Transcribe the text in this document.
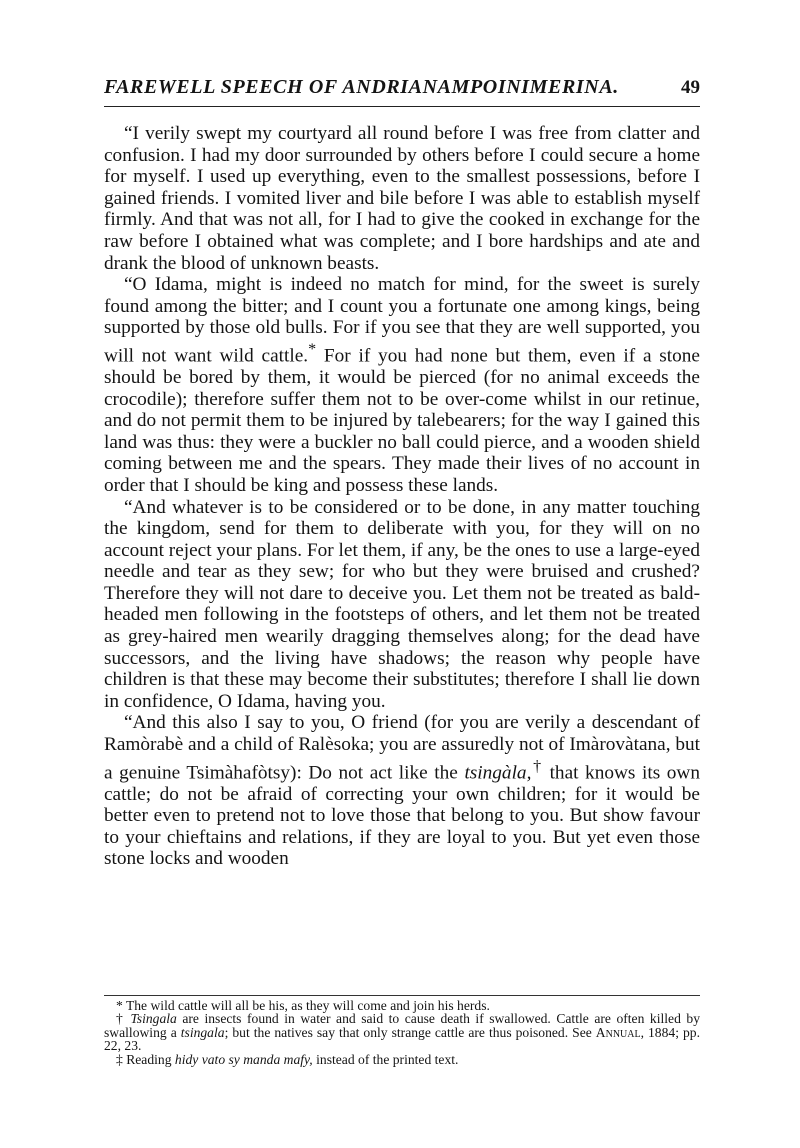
FAREWELL SPEECH OF ANDRIANAMPOINIMERINA.	49

“I verily swept my courtyard all round before I was free from clatter and confusion. I had my door surrounded by others before I could secure a home for myself. I used up everything, even to the smallest possessions, before I gained friends. I vomited liver and bile before I was able to establish myself firmly. And that was not all, for I had to give the cooked in exchange for the raw before I obtained what was complete; and I bore hardships and ate and drank the blood of unknown beasts.

“O Idama, might is indeed no match for mind, for the sweet is surely found among the bitter; and I count you a fortunate one among kings, being supported by those old bulls. For if you see that they are well supported, you will not want wild cattle.* For if you had none but them, even if a stone should be bored by them, it would be pierced (for no animal exceeds the crocodile); therefore suffer them not to be over-come whilst in our retinue, and do not permit them to be injured by talebearers; for the way I gained this land was thus: they were a buckler no ball could pierce, and a wooden shield coming between me and the spears. They made their lives of no account in order that I should be king and possess these lands.

“And whatever is to be considered or to be done, in any matter touching the kingdom, send for them to deliberate with you, for they will on no account reject your plans. For let them, if any, be the ones to use a large-eyed needle and tear as they sew; for who but they were bruised and crushed? Therefore they will not dare to deceive you. Let them not be treated as bald-headed men following in the footsteps of others, and let them not be treated as grey-haired men wearily dragging themselves along; for the dead have successors, and the living have shadows; the reason why people have children is that these may become their substitutes; therefore I shall lie down in confidence, O Idama, having you.

“And this also I say to you, O friend (for you are verily a descendant of Ramòrabè and a child of Ralèsoka; you are assuredly not of Imàrovàtana, but a genuine Tsimàhafòtsy): Do not act like the tsingàla,† that knows its own cattle; do not be afraid of correcting your own children; for it would be better even to pretend not to love those that belong to you. But show favour to your chieftains and relations, if they are loyal to you. But yet even those stone locks and wooden

* The wild cattle will all be his, as they will come and join his herds.

† Tsingala are insects found in water and said to cause death if swallowed. Cattle are often killed by swallowing a tsingala; but the natives say that only strange cattle are thus poisoned. See Annual, 1884; pp. 22, 23.

‡ Reading hidy vato sy manda mafy, instead of the printed text.
